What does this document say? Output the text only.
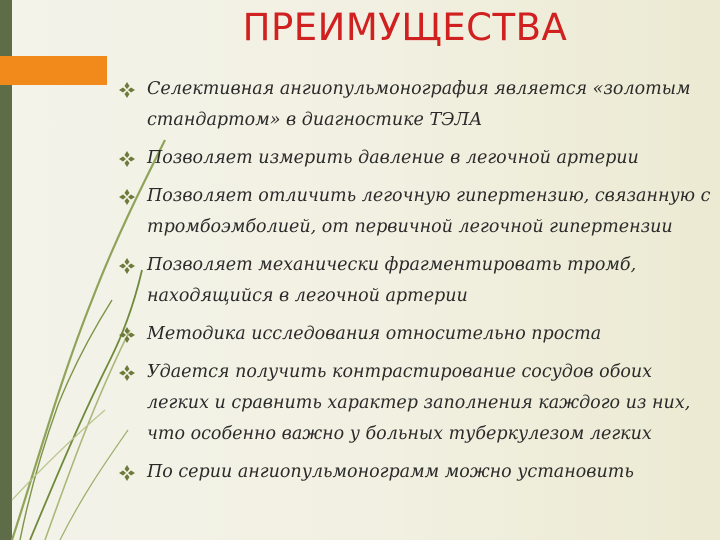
ПРЕИМУЩЕСТВА
Селективная ангиопульмонография является «золотым стандартом» в диагностике ТЭЛА
Позволяет измерить давление в легочной артерии
Позволяет отличить легочную гипертензию, связанную с тромбоэмболией, от первичной легочной гипертензии
Позволяет механически фрагментировать тромб, находящийся в легочной артерии
Методика исследования относительно проста
Удается получить контрастирование сосудов обоих легких и сравнить характер заполнения каждого из них, что особенно важно у больных туберкулезом легких
По серии ангиопульмонограмм можно установить
